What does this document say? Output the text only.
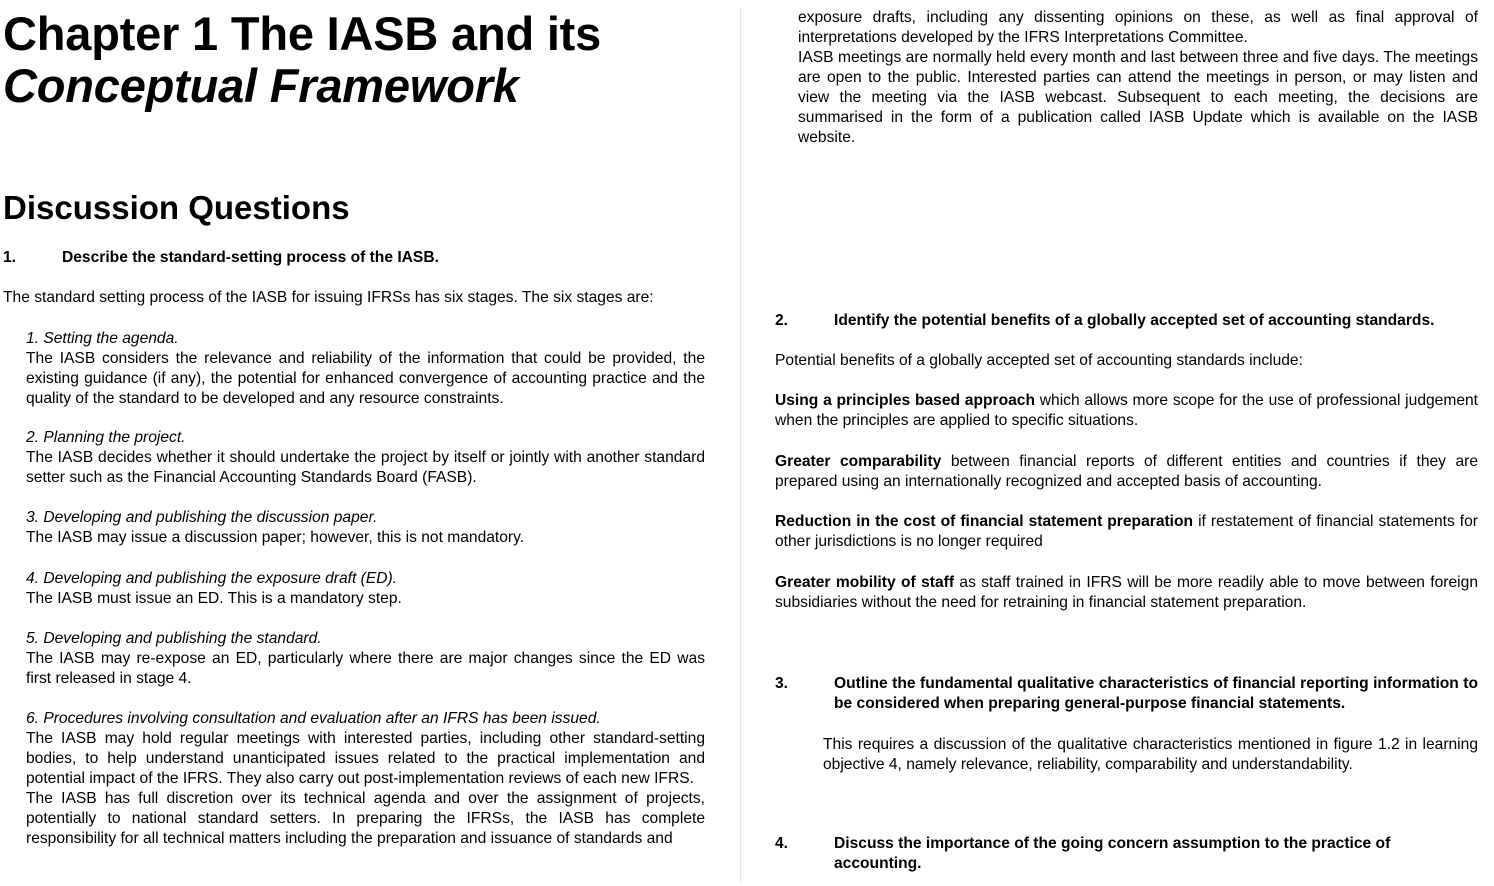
Chapter 1 The IASB and its
Conceptual Framework
Discussion Questions
1.	Describe the standard-setting process of the IASB.
The standard setting process of the IASB for issuing IFRSs has six stages. The six stages are:
1. Setting the agenda.
The IASB considers the relevance and reliability of the information that could be provided, the existing guidance (if any), the potential for enhanced convergence of accounting practice and the quality of the standard to be developed and any resource constraints.
2. Planning the project.
The IASB decides whether it should undertake the project by itself or jointly with another standard setter such as the Financial Accounting Standards Board (FASB).
3. Developing and publishing the discussion paper.
The IASB may issue a discussion paper; however, this is not mandatory.
4. Developing and publishing the exposure draft (ED).
The IASB must issue an ED. This is a mandatory step.
5. Developing and publishing the standard.
The IASB may re-expose an ED, particularly where there are major changes since the ED was first released in stage 4.
6. Procedures involving consultation and evaluation after an IFRS has been issued.
The IASB may hold regular meetings with interested parties, including other standard-setting bodies, to help understand unanticipated issues related to the practical implementation and potential impact of the IFRS. They also carry out post-implementation reviews of each new IFRS.
The IASB has full discretion over its technical agenda and over the assignment of projects, potentially to national standard setters. In preparing the IFRSs, the IASB has complete responsibility for all technical matters including the preparation and issuance of standards and
exposure drafts, including any dissenting opinions on these, as well as final approval of interpretations developed by the IFRS Interpretations Committee.
IASB meetings are normally held every month and last between three and five days. The meetings are open to the public. Interested parties can attend the meetings in person, or may listen and view the meeting via the IASB webcast. Subsequent to each meeting, the decisions are summarised in the form of a publication called IASB Update which is available on the IASB website.
2.	Identify the potential benefits of a globally accepted set of accounting standards.
Potential benefits of a globally accepted set of accounting standards include:
Using a principles based approach which allows more scope for the use of professional judgement when the principles are applied to specific situations.
Greater comparability between financial reports of different entities and countries if they are prepared using an internationally recognized and accepted basis of accounting.
Reduction in the cost of financial statement preparation if restatement of financial statements for other jurisdictions is no longer required
Greater mobility of staff as staff trained in IFRS will be more readily able to move between foreign subsidiaries without the need for retraining in financial statement preparation.
3.	Outline the fundamental qualitative characteristics of financial reporting information to be considered when preparing general-purpose financial statements.
This requires a discussion of the qualitative characteristics mentioned in figure 1.2 in learning objective 4, namely relevance, reliability, comparability and understandability.
4.	Discuss the importance of the going concern assumption to the practice of accounting.
